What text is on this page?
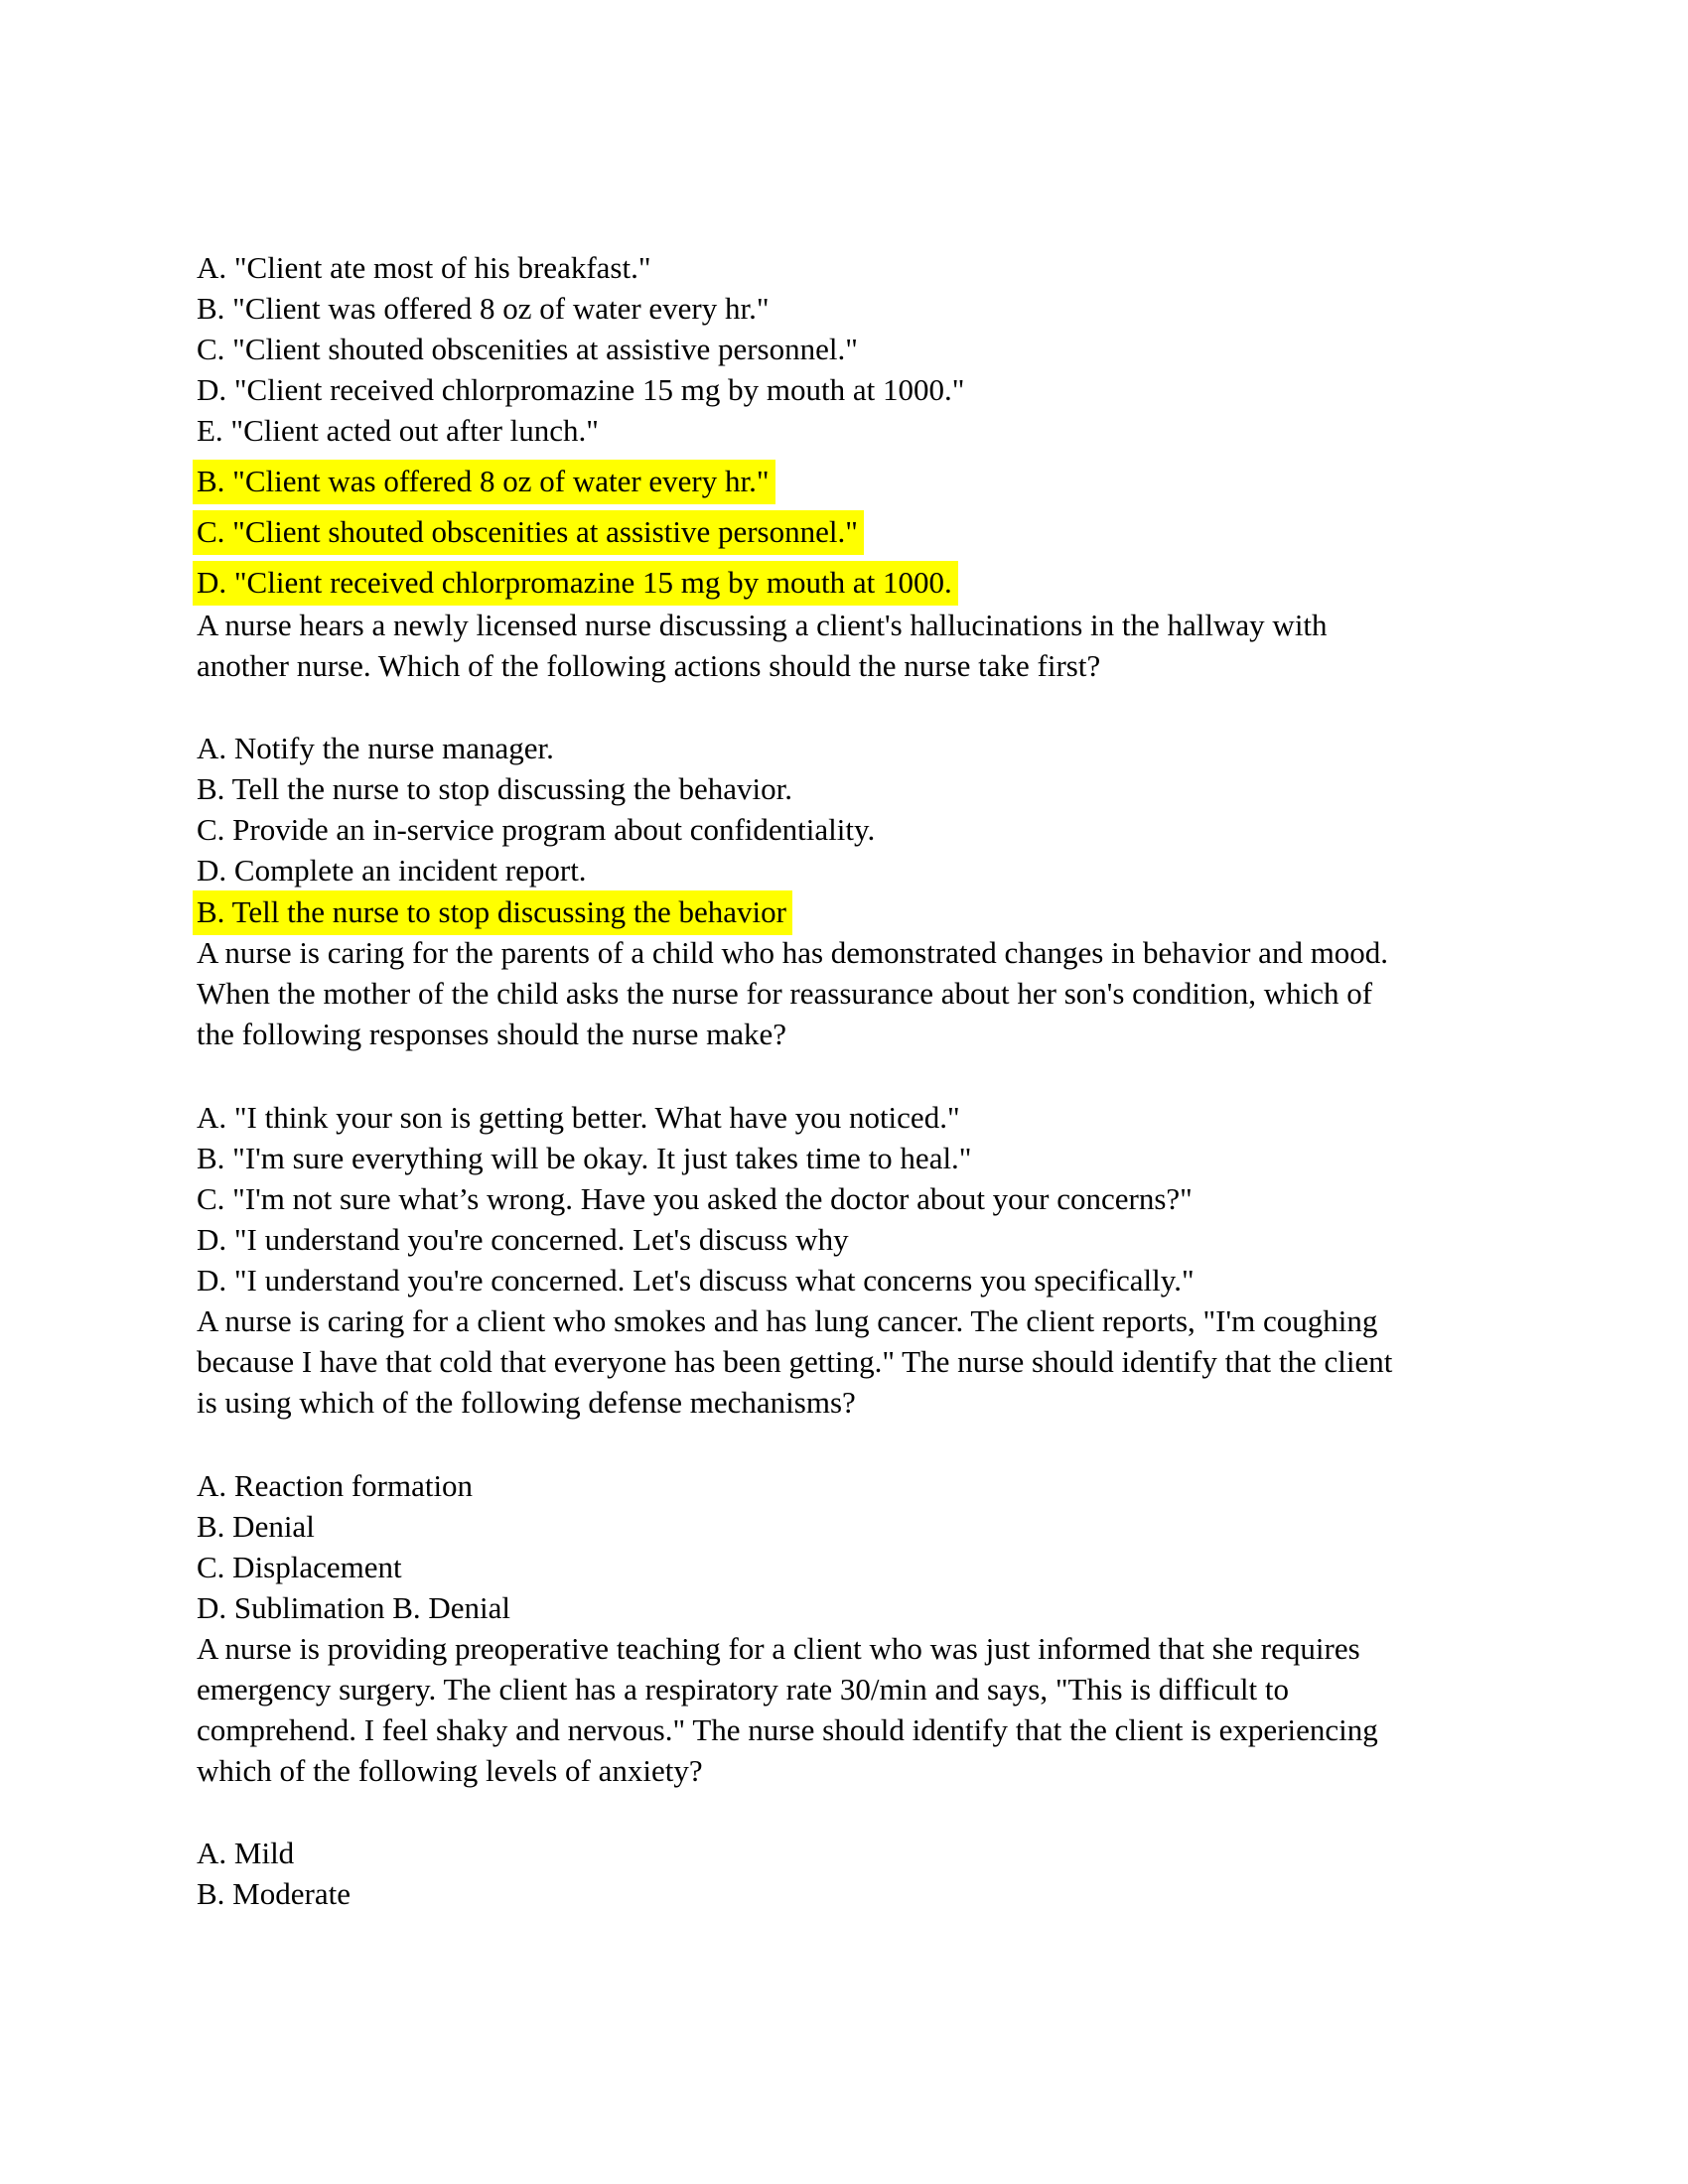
A. "Client ate most of his breakfast."
B. "Client was offered 8 oz of water every hr."
C. "Client shouted obscenities at assistive personnel."
D. "Client received chlorpromazine 15 mg by mouth at 1000."
E. "Client acted out after lunch."
B. "Client was offered 8 oz of water every hr."
C. "Client shouted obscenities at assistive personnel."
D. "Client received chlorpromazine 15 mg by mouth at 1000.
A nurse hears a newly licensed nurse discussing a client's hallucinations in the hallway with
another nurse. Which of the following actions should the nurse take first?
A. Notify the nurse manager.
B. Tell the nurse to stop discussing the behavior.
C. Provide an in-service program about confidentiality.
D. Complete an incident report.
B. Tell the nurse to stop discussing the behavior
A nurse is caring for the parents of a child who has demonstrated changes in behavior and mood.
When the mother of the child asks the nurse for reassurance about her son's condition, which of
the following responses should the nurse make?
A. "I think your son is getting better. What have you noticed."
B. "I'm sure everything will be okay. It just takes time to heal."
C. "I'm not sure what’s wrong. Have you asked the doctor about your concerns?"
D. "I understand you're concerned. Let's discuss why
D. "I understand you're concerned. Let's discuss what concerns you specifically."
A nurse is caring for a client who smokes and has lung cancer. The client reports, "I'm coughing
because I have that cold that everyone has been getting." The nurse should identify that the client
is using which of the following defense mechanisms?
A. Reaction formation
B. Denial
C. Displacement
D. Sublimation B. Denial
A nurse is providing preoperative teaching for a client who was just informed that she requires
emergency surgery. The client has a respiratory rate 30/min and says, "This is difficult to
comprehend. I feel shaky and nervous." The nurse should identify that the client is experiencing
which of the following levels of anxiety?
A. Mild
B. Moderate
